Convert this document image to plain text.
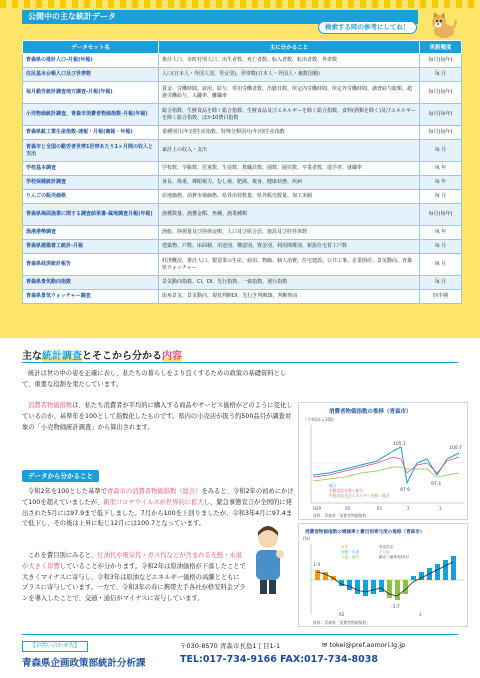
公開中の主な統計データ
検索する時の参考にしてね！
データセット名	主に分かること	更新頻度
青森県の推計人口-月報(年報)	推計人口、市町村別人口、出生者数、死亡者数、転入者数、転出者数、世帯数	毎月(毎年)
住民基本台帳人口及び世帯数	人口(日本人・外国人別、男女別)、世帯数(日本人・外国人・複数国籍)	毎 月
毎月勤労統計調査地方調査-月報(年報)	賃金、労働時間、雇用、給与、常用労働者数、出勤日数、所定内労働時間、所定外労働時間、調査給与総額、超過労働給与、入職率、離職率	毎月(毎年)
小売物価統計調査、青森市消費者物価指数-月報(年報)	総合指数、生鮮食品を除く総合指数、生鮮食品及びエネルギーを除く総合指数、食料(酒類を除く)及びエネルギーを除く総合指数、ほか10費目指数	毎月(毎年)
青森県鉱工業生産指数-速報・月報(確報・年報)	業種別月(年)別生産指数、特殊分類別月(年)別生産指数	毎月(毎年)
青森市と全国の勤労者世帯1世帯あたり1ヶ月間の収入と支出	家計上の収入・支出	毎 月
学校基本調査	学校数、学級数、児童数、生徒数、教職員数、園数、園児数、卒業者数、進学率、就職率	毎 年
学校保健統計調査	身長、体重、裸眼視力、むし歯、肥満、痩身、健康状態、疾病	毎 年
りんごの販売価格	産地価格、消費市場価格、県外出荷数量、県外販売数量、加工実績	毎 月
青森県海面漁業に関する調査結果書-属地調査月報(年報)	漁獲数量、漁獲金額、魚種、漁業種類	毎月(毎年)
漁港港勢調査	漁船、陸揚量及び陸揚金額、人口及び組合員、施設及び経営体数	毎 年
青森県建築着工統計-月報	建築物、戸数、床面積、用途別、構造別、資金別、利用関係別、新設住宅着工戸数	毎 月
青森県経済統計報告	経済概況、推計人口、製造業の生産、雇用、物価、個人消費、住宅建設、公共工事、企業倒産、景気動向、青森県ウォッチャー	毎 月
青森県景気動向指数	景気動向指数、CI、DI、先行指数、一致指数、遅行指数	毎 月
青森県景気ウォッチャー調査	街角景気、景気動向、現状判断DI、先行き判断DI、判断理由	四半期
主な統計調査とそこから分かる内容
統計は世の中の姿を正確に表し、私たちの暮らしをより良くするための政策の基礎資料として、重要な役割を果たしています。
消費者物価指数は、私たち消費者が平均的に購入する商品やサービス価格がどのように変化しているのか、基準年を100として指数化したものです。県内の小売店が扱う約500品目が調査対象の「小売物価統計調査」から算出されます。
データから分かること
令和2年を100とした基準で青森市の消費者物価指数（総合）をみると、令和2年の初めにかけて100を超えていましたが、新型コロナウイルスが世界的に拡大し、緊急事態宣言が全国的に発出された5月には97.9まで低下しました。7月から100を上回りましたが、令和3年4月に97.4まで低下し、その後は上昇に転じ12月には100.7となっています。
これを費目別にみると、灯油代や電気代・ガス代などが含まれる光熱・水道が大きく影響していることが分かります。令和2年は原油価格が下落したことで大きくマイナスに寄与し、令和3年は原油などエネルギー価格の高騰とともにプラスに寄与しています。一方で、令和3年の春に携帯大手各社が格安料金プランを導入したことで、交通・通信がマイナスに寄与しています。
消費者物価指数の推移（青森市）
（令和2年=100）
105.1
100.7
97.9
97.4
総合
生鮮食品を除く総合
生鮮食品及びエネルギーを除く総合
H29	30	R1	2	3
資料：青森県「消費者物価指数」
消費者物価指数の増減率と費目別寄与度の推移（青森市）
(%)
1.4
-1.7
食料
光熱・水道
交通・通信
教養娯楽
その他
総合（前年同月比）
R2	3
資料：青森県「消費者物価指数」
【お問い合わせ先】
青森県企画政策部統計分析課
〒030-8570 青森市長島1丁目1-1	✉ tokei@pref.aomori.lg.jp
TEL:017-734-9166 FAX:017-734-8038
